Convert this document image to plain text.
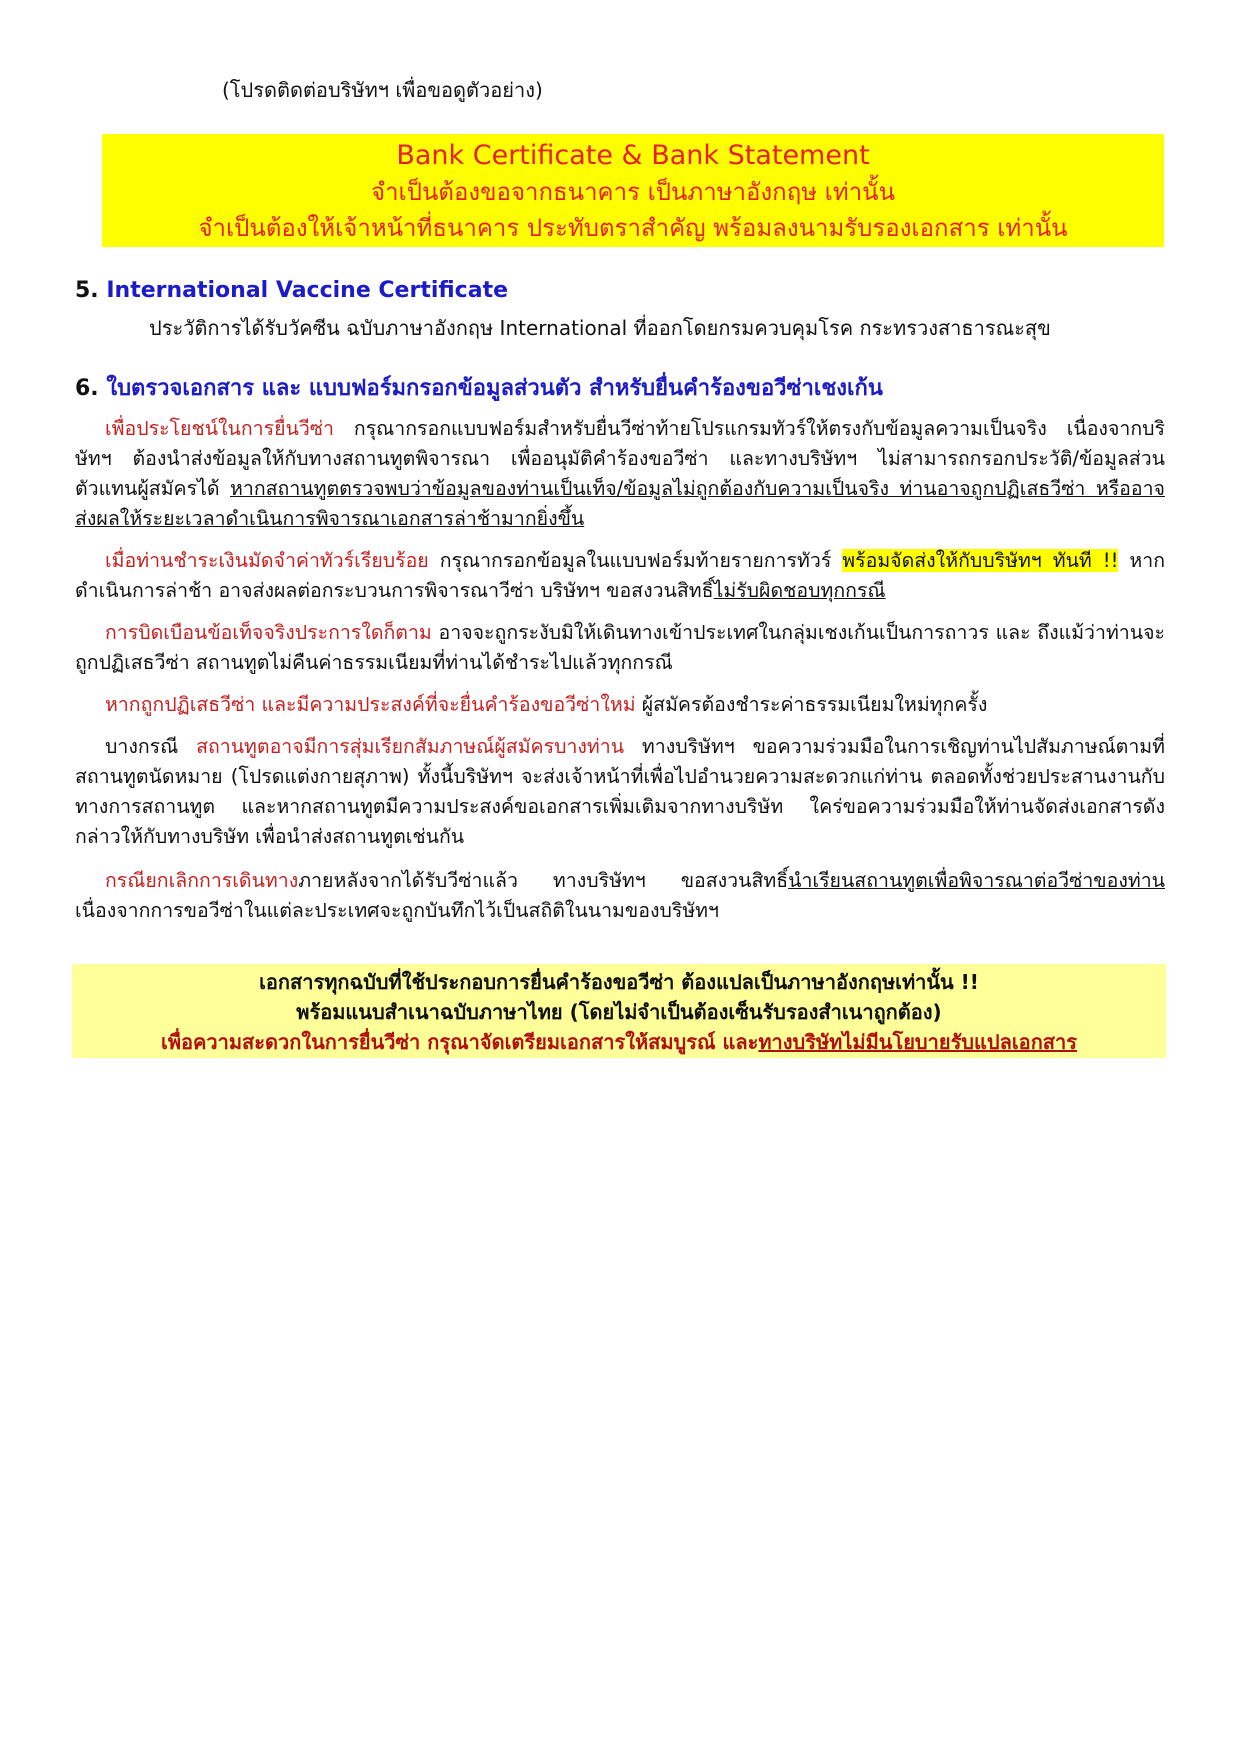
(โปรดติดต่อบริษัทฯ เพื่อขอดูตัวอย่าง)
Bank Certificate & Bank Statement
จำเป็นต้องขอจากธนาคาร เป็นภาษาอังกฤษ เท่านั้น
จำเป็นต้องให้เจ้าหน้าที่ธนาคาร ประทับตราสำคัญ พร้อมลงนามรับรองเอกสาร เท่านั้น
5. International Vaccine Certificate
ประวัติการได้รับวัคซีน ฉบับภาษาอังกฤษ International ที่ออกโดยกรมควบคุมโรค กระทรวงสาธารณะสุข
6. ใบตรวจเอกสาร และ แบบฟอร์มกรอกข้อมูลส่วนตัว สำหรับยื่นคำร้องขอวีซ่าเชงเก้น
เพื่อประโยชน์ในการยื่นวีซ่า กรุณากรอกแบบฟอร์มสำหรับยื่นวีซ่าท้ายโปรแกรมทัวร์ให้ตรงกับข้อมูลความเป็นจริง เนื่องจากบริษัทฯ ต้องนำส่งข้อมูลให้กับทางสถานทูตพิจารณา เพื่ออนุมัติคำร้องขอวีซ่า และทางบริษัทฯ ไม่สามารถกรอกประวัติ/ข้อมูลส่วนตัวแทนผู้สมัครได้ หากสถานทูตตรวจพบว่าข้อมูลของท่านเป็นเท็จ/ข้อมูลไม่ถูกต้องกับความเป็นจริง ท่านอาจถูกปฏิเสธวีซ่า หรืออาจส่งผลให้ระยะเวลาดำเนินการพิจารณาเอกสารล่าช้ามากยิ่งขึ้น
เมื่อท่านชำระเงินมัดจำค่าทัวร์เรียบร้อย กรุณากรอกข้อมูลในแบบฟอร์มท้ายรายการทัวร์ พร้อมจัดส่งให้กับบริษัทฯ ทันที !! หากดำเนินการล่าช้า อาจส่งผลต่อกระบวนการพิจารณาวีซ่า บริษัทฯ ขอสงวนสิทธิ์ไม่รับผิดชอบทุกกรณี
การบิดเบือนข้อเท็จจริงประการใดก็ตาม อาจจะถูกระงับมิให้เดินทางเข้าประเทศในกลุ่มเชงเก้นเป็นการถาวร และ ถึงแม้ว่าท่านจะถูกปฏิเสธวีซ่า สถานทูตไม่คืนค่าธรรมเนียมที่ท่านได้ชำระไปแล้วทุกกรณี
หากถูกปฏิเสธวีซ่า และมีความประสงค์ที่จะยื่นคำร้องขอวีซ่าใหม่ ผู้สมัครต้องชำระค่าธรรมเนียมใหม่ทุกครั้ง
บางกรณี สถานทูตอาจมีการสุ่มเรียกสัมภาษณ์ผู้สมัครบางท่าน ทางบริษัทฯ ขอความร่วมมือในการเชิญท่านไปสัมภาษณ์ตามที่สถานทูตนัดหมาย (โปรดแต่งกายสุภาพ) ทั้งนี้บริษัทฯ จะส่งเจ้าหน้าที่เพื่อไปอำนวยความสะดวกแก่ท่าน ตลอดทั้งช่วยประสานงานกับทางการสถานทูต และหากสถานทูตมีความประสงค์ขอเอกสารเพิ่มเติมจากทางบริษัท ใคร่ขอความร่วมมือให้ท่านจัดส่งเอกสารดังกล่าวให้กับทางบริษัท เพื่อนำส่งสถานทูตเช่นกัน
กรณียกเลิกการเดินทางภายหลังจากได้รับวีซ่าแล้ว ทางบริษัทฯ ขอสงวนสิทธิ์นำเรียนสถานทูตเพื่อพิจารณาต่อวีซ่าของท่าน เนื่องจากการขอวีซ่าในแต่ละประเทศจะถูกบันทึกไว้เป็นสถิติในนามของบริษัทฯ
เอกสารทุกฉบับที่ใช้ประกอบการยื่นคำร้องขอวีซ่า ต้องแปลเป็นภาษาอังกฤษเท่านั้น !!
พร้อมแนบสำเนาฉบับภาษาไทย (โดยไม่จำเป็นต้องเซ็นรับรองสำเนาถูกต้อง)
เพื่อความสะดวกในการยื่นวีซ่า กรุณาจัดเตรียมเอกสารให้สมบูรณ์ และทางบริษัทไม่มีนโยบายรับแปลเอกสาร
